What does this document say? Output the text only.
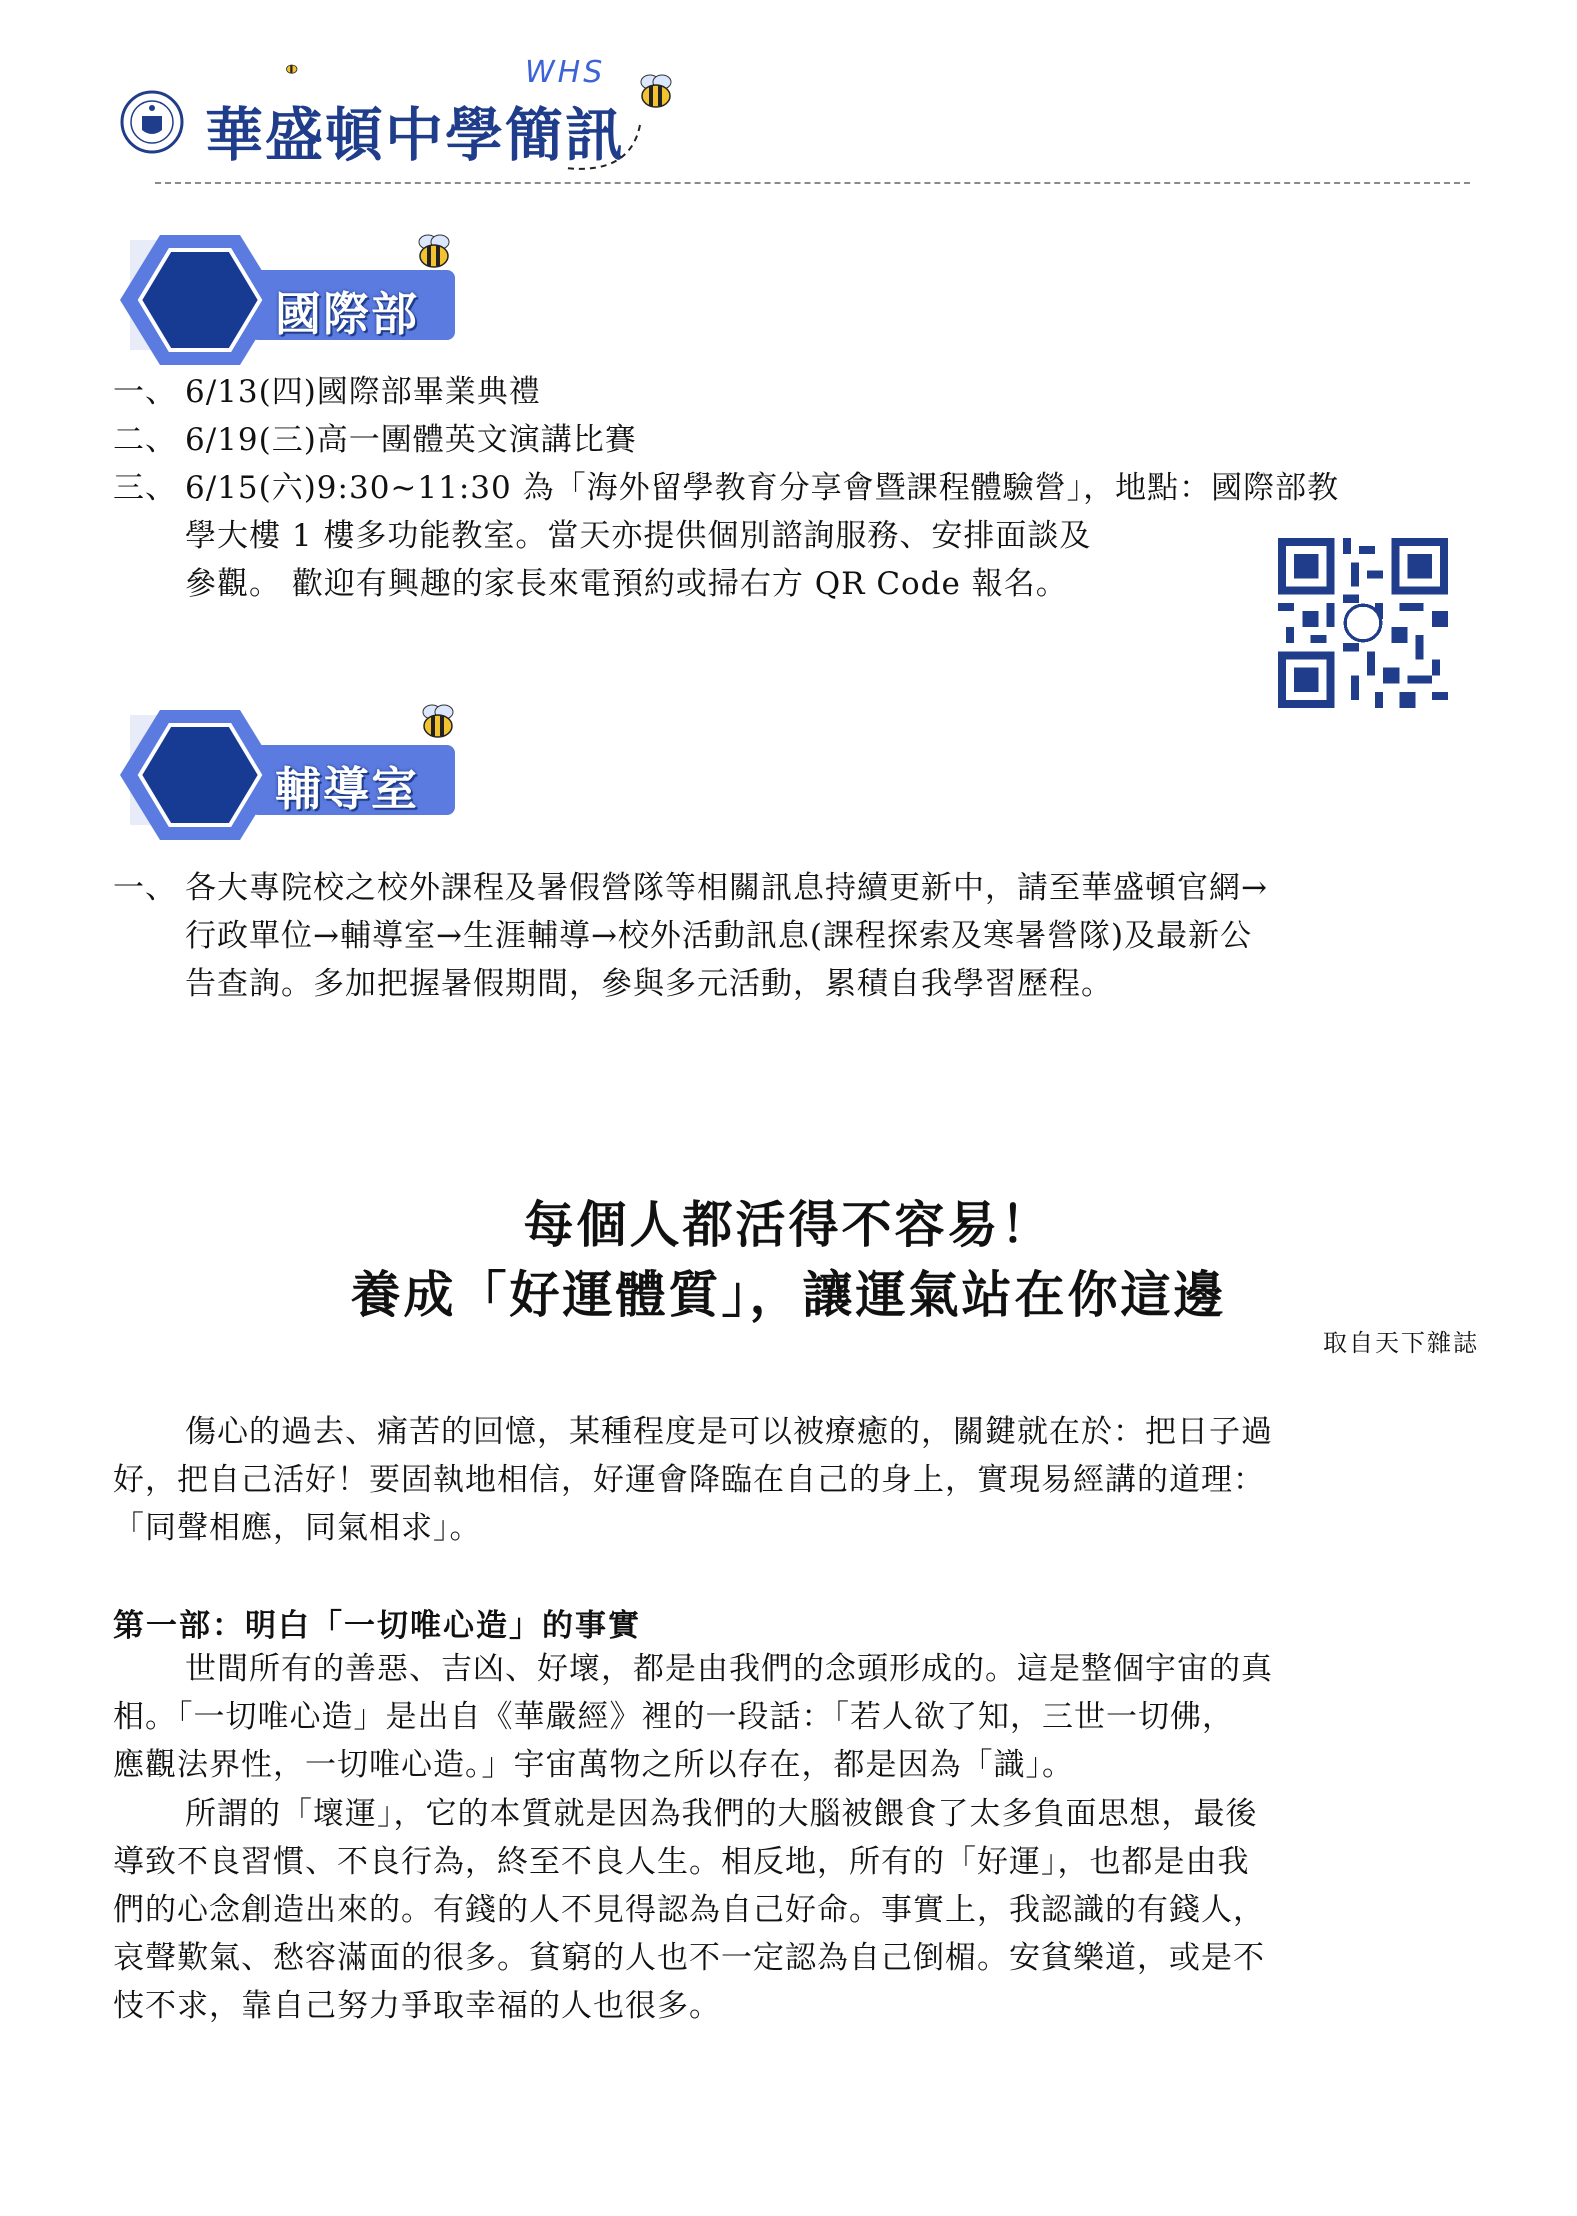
華盛頓中學簡訊
WHS
國際部
一、 6/13(四)國際部畢業典禮
二、 6/19(三)高一團體英文演講比賽
三、 6/15(六)9:30~11:30 為「海外留學教育分享會暨課程體驗營」，地點：國際部教
學大樓 1 樓多功能教室。當天亦提供個別諮詢服務、安排面談及
參觀。 歡迎有興趣的家長來電預約或掃右方 QR Code 報名。
輔導室
一、 各大專院校之校外課程及暑假營隊等相關訊息持續更新中，請至華盛頓官網→
行政單位→輔導室→生涯輔導→校外活動訊息(課程探索及寒暑營隊)及最新公
告查詢。多加把握暑假期間，參與多元活動，累積自我學習歷程。
每個人都活得不容易！
養成「好運體質」，讓運氣站在你這邊
取自天下雜誌
傷心的過去、痛苦的回憶，某種程度是可以被療癒的，關鍵就在於：把日子過
好，把自己活好！要固執地相信，好運會降臨在自己的身上，實現易經講的道理：
「同聲相應，同氣相求」。
第一部：明白「一切唯心造」的事實
世間所有的善惡、吉凶、好壞，都是由我們的念頭形成的。這是整個宇宙的真
相。「一切唯心造」是出自《華嚴經》裡的一段話：「若人欲了知，三世一切佛，
應觀法界性，一切唯心造。」宇宙萬物之所以存在，都是因為「識」。
所謂的「壞運」，它的本質就是因為我們的大腦被餵食了太多負面思想，最後
導致不良習慣、不良行為，終至不良人生。相反地，所有的「好運」，也都是由我
們的心念創造出來的。有錢的人不見得認為自己好命。事實上，我認識的有錢人，
哀聲歎氣、愁容滿面的很多。貧窮的人也不一定認為自己倒楣。安貧樂道，或是不
忮不求，靠自己努力爭取幸福的人也很多。
